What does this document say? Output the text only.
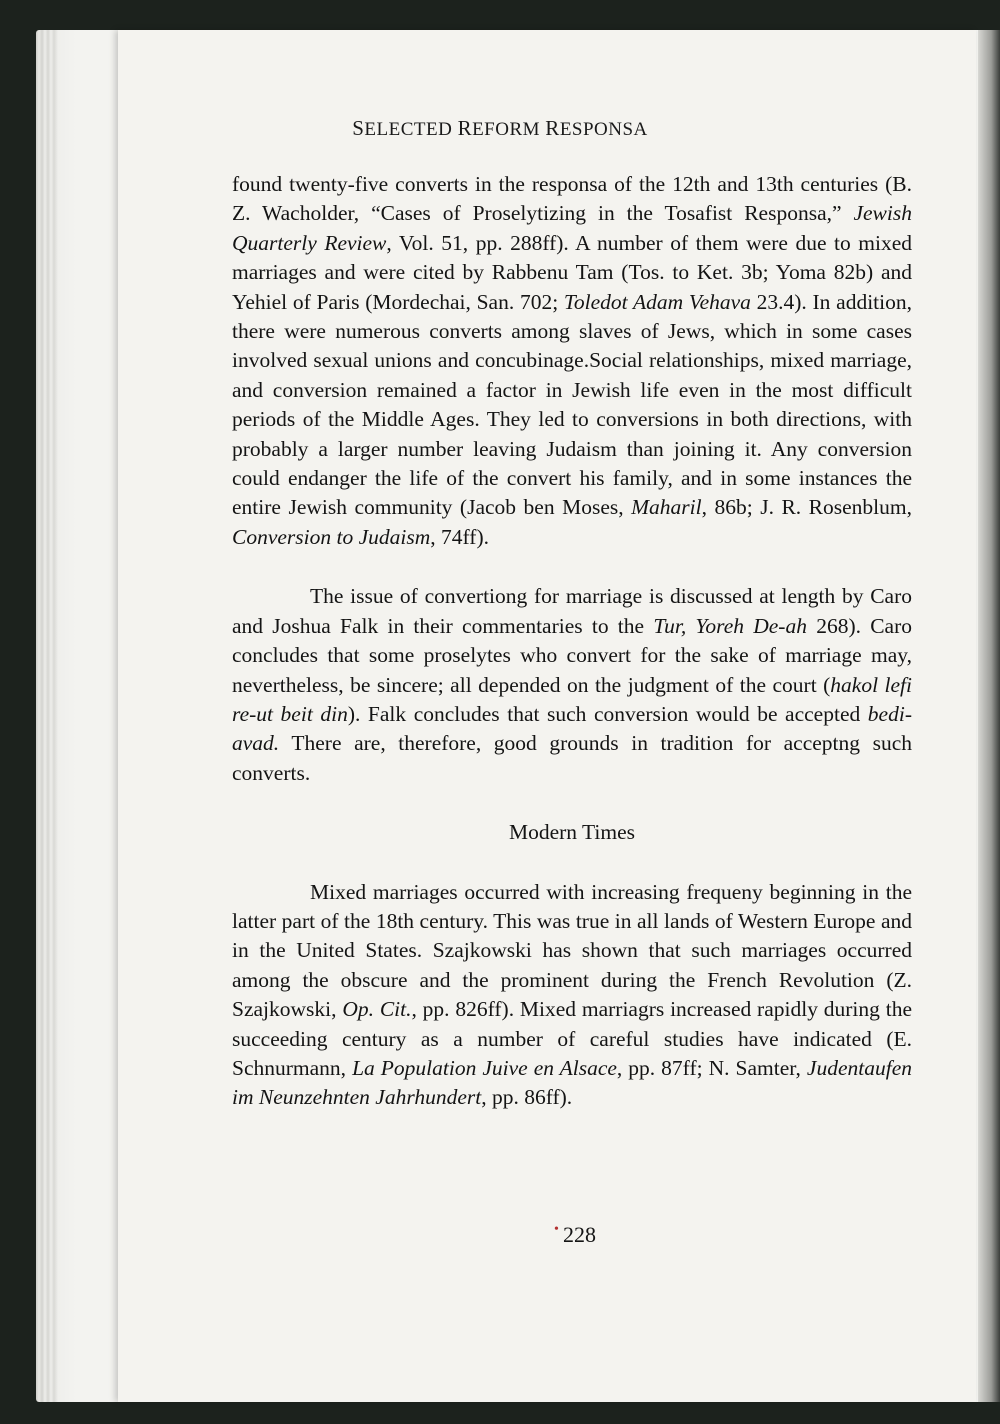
SELECTED REFORM RESPONSA

found twenty-five converts in the responsa of the 12th and 13th centuries (B. Z. Wacholder, “Cases of Proselytizing in the Tosafist Responsa,” Jewish Quarterly Review, Vol. 51, pp. 288ff). A number of them were due to mixed marriages and were cited by Rabbenu Tam (Tos. to Ket. 3b; Yoma 82b) and Yehiel of Paris (Mordechai, San. 702; Toledot Adam Vehava 23.4). In addition, there were numerous converts among slaves of Jews, which in some cases involved sexual unions and concubinage.Social relationships, mixed marriage, and conversion remained a factor in Jewish life even in the most difficult periods of the Middle Ages. They led to conversions in both directions, with probably a larger number leaving Judaism than joining it. Any conversion could endanger the life of the convert his family, and in some instances the entire Jewish community (Jacob ben Moses, Maharil, 86b; J. R. Rosenblum, Conversion to Judaism, 74ff).

The issue of convertiong for marriage is discussed at length by Caro and Joshua Falk in their commentaries to the Tur, Yoreh De-ah 268). Caro concludes that some proselytes who convert for the sake of marriage may, nevertheless, be sincere; all depended on the judgment of the court (hakol lefi re-ut beit din). Falk concludes that such conversion would be accepted bedi-avad. There are, therefore, good grounds in tradition for acceptng such converts.

Modern Times

Mixed marriages occurred with increasing frequeny beginning in the latter part of the 18th century. This was true in all lands of Western Europe and in the United States. Szajkowski has shown that such marriages occurred among the obscure and the prominent during the French Revolution (Z. Szajkowski, Op. Cit., pp. 826ff). Mixed marriagrs increased rapidly during the succeeding century as a number of careful studies have indicated (E. Schnurmann, La Population Juive en Alsace, pp. 87ff; N. Samter, Judentaufen im Neunzehnten Jahrhundert, pp. 86ff).

• 228
